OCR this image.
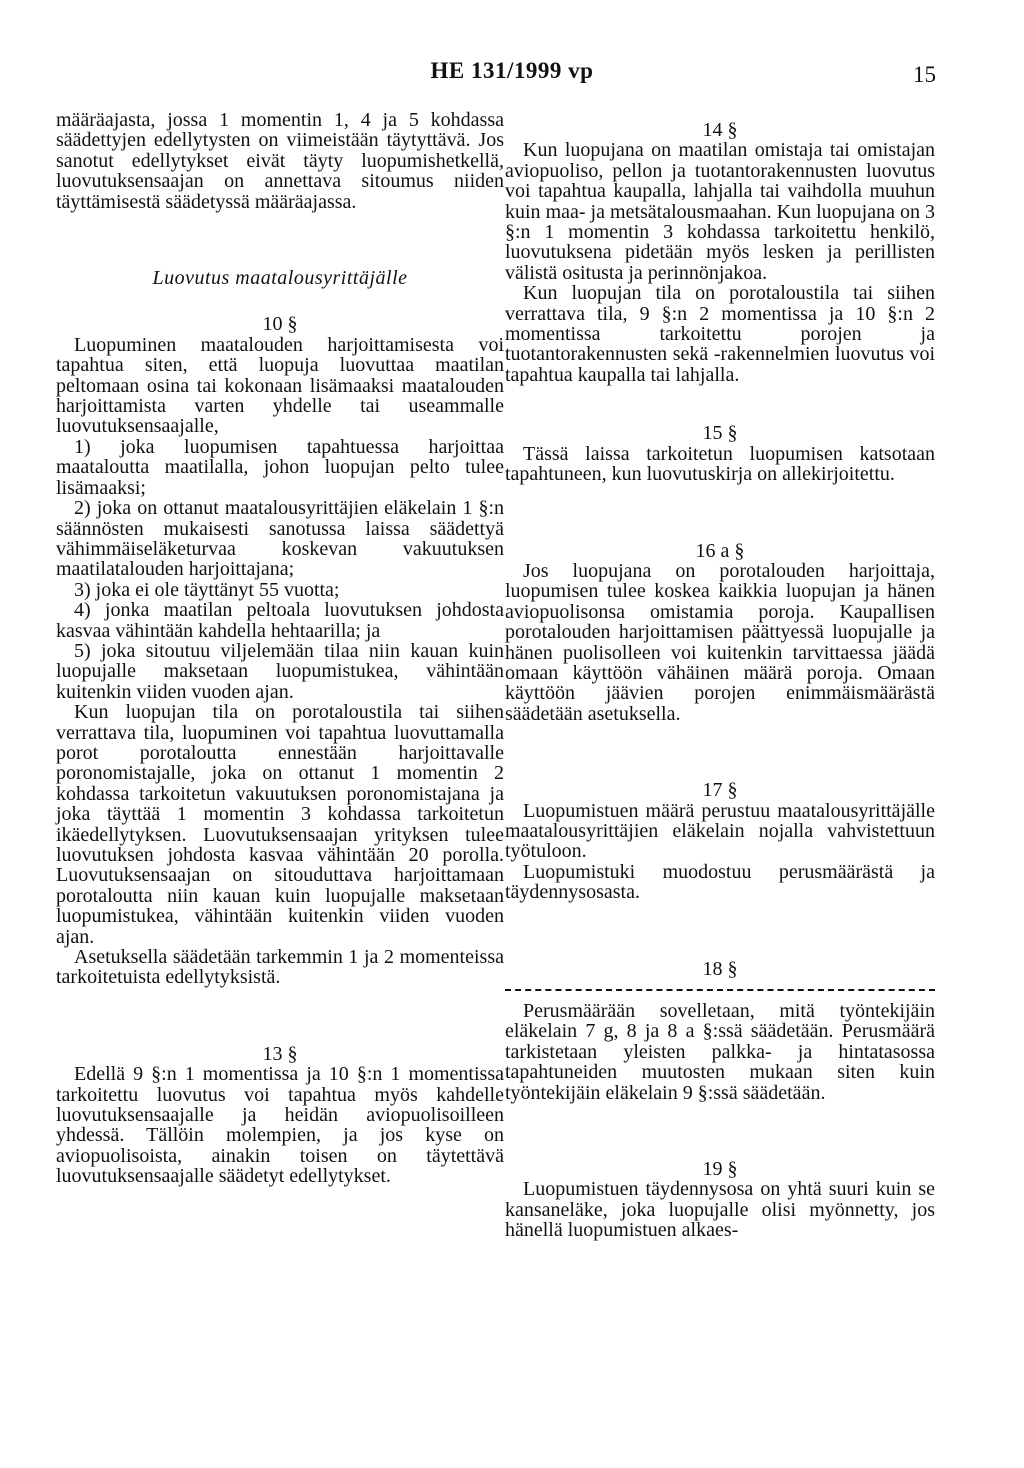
HE 131/1999 vp	15

määräajasta, jossa 1 momentin 1, 4 ja 5 kohdassa säädettyjen edellytysten on viimeistään täytyttävä. Jos sanotut edellytykset eivät täyty luopumishetkellä, luovutuksensaajan on annettava sitoumus niiden täyttämisestä säädetyssä määräajassa.

Luovutus maatalousyrittäjälle
10 §

Luopuminen maatalouden harjoittamisesta voi tapahtua siten, että luopuja luovuttaa maatilan peltomaan osina tai kokonaan lisämaaksi maatalouden harjoittamista varten yhdelle tai useammalle luovutuksensaajalle,

1) joka luopumisen tapahtuessa harjoittaa maataloutta maatilalla, johon luopujan pelto tulee lisämaaksi;

2) joka on ottanut maatalousyrittäjien eläkelain 1 §:n säännösten mukaisesti sanotussa laissa säädettyä vähimmäiseläketurvaa koskevan vakuutuksen maatilatalouden harjoittajana;

3) joka ei ole täyttänyt 55 vuotta;

4) jonka maatilan peltoala luovutuksen johdosta kasvaa vähintään kahdella hehtaarilla; ja

5) joka sitoutuu viljelemään tilaa niin kauan kuin luopujalle maksetaan luopumistukea, vähintään kuitenkin viiden vuoden ajan.

Kun luopujan tila on porotaloustila tai siihen verrattava tila, luopuminen voi tapahtua luovuttamalla porot porotaloutta ennestään harjoittavalle poronomistajalle, joka on ottanut 1 momentin 2 kohdassa tarkoitetun vakuutuksen poronomistajana ja joka täyttää 1 momentin 3 kohdassa tarkoitetun ikäedellytyksen. Luovutuksensaajan yrityksen tulee luovutuksen johdosta kasvaa vähintään 20 porolla. Luovutuksensaajan on sitouduttava harjoittamaan porotaloutta niin kauan kuin luopujalle maksetaan luopumistukea, vähintään kuitenkin viiden vuoden ajan.

Asetuksella säädetään tarkemmin 1 ja 2 momenteissa tarkoitetuista edellytyksistä.

13 §

Edellä 9 §:n 1 momentissa ja 10 §:n 1 momentissa tarkoitettu luovutus voi tapahtua myös kahdelle luovutuksensaajalle ja heidän aviopuolisoilleen yhdessä. Tällöin molempien, ja jos kyse on aviopuolisoista, ainakin toisen on täytettävä luovutuksensaajalle säädetyt edellytykset.

14 §

Kun luopujana on maatilan omistaja tai omistajan aviopuoliso, pellon ja tuotantorakennusten luovutus voi tapahtua kaupalla, lahjalla tai vaihdolla muuhun kuin maa- ja metsätalousmaahan. Kun luopujana on 3 §:n 1 momentin 3 kohdassa tarkoitettu henkilö, luovutuksena pidetään myös lesken ja perillisten välistä ositusta ja perinnönjakoa.

Kun luopujan tila on porotaloustila tai siihen verrattava tila, 9 §:n 2 momentissa ja 10 §:n 2 momentissa tarkoitettu porojen ja tuotantorakennusten sekä -rakennelmien luovutus voi tapahtua kaupalla tai lahjalla.

15 §

Tässä laissa tarkoitetun luopumisen katsotaan tapahtuneen, kun luovutuskirja on allekirjoitettu.

16 a §

Jos luopujana on porotalouden harjoittaja, luopumisen tulee koskea kaikkia luopujan ja hänen aviopuolisonsa omistamia poroja. Kaupallisen porotalouden harjoittamisen päättyessä luopujalle ja hänen puolisolleen voi kuitenkin tarvittaessa jäädä omaan käyttöön vähäinen määrä poroja. Omaan käyttöön jäävien porojen enimmäismäärästä säädetään asetuksella.

17 §

Luopumistuen määrä perustuu maatalousyrittäjälle maatalousyrittäjien eläkelain nojalla vahvistettuun työtuloon.

Luopumistuki muodostuu perusmäärästä ja täydennysosasta.

18 §

Perusmäärään sovelletaan, mitä työntekijäin eläkelain 7 g, 8 ja 8 a §:ssä säädetään. Perusmäärä tarkistetaan yleisten palkka- ja hintatasossa tapahtuneiden muutosten mukaan siten kuin työntekijäin eläkelain 9 §:ssä säädetään.

19 §

Luopumistuen täydennysosa on yhtä suuri kuin se kansaneläke, joka luopujalle olisi myönnetty, jos hänellä luopumistuen alkaes-
